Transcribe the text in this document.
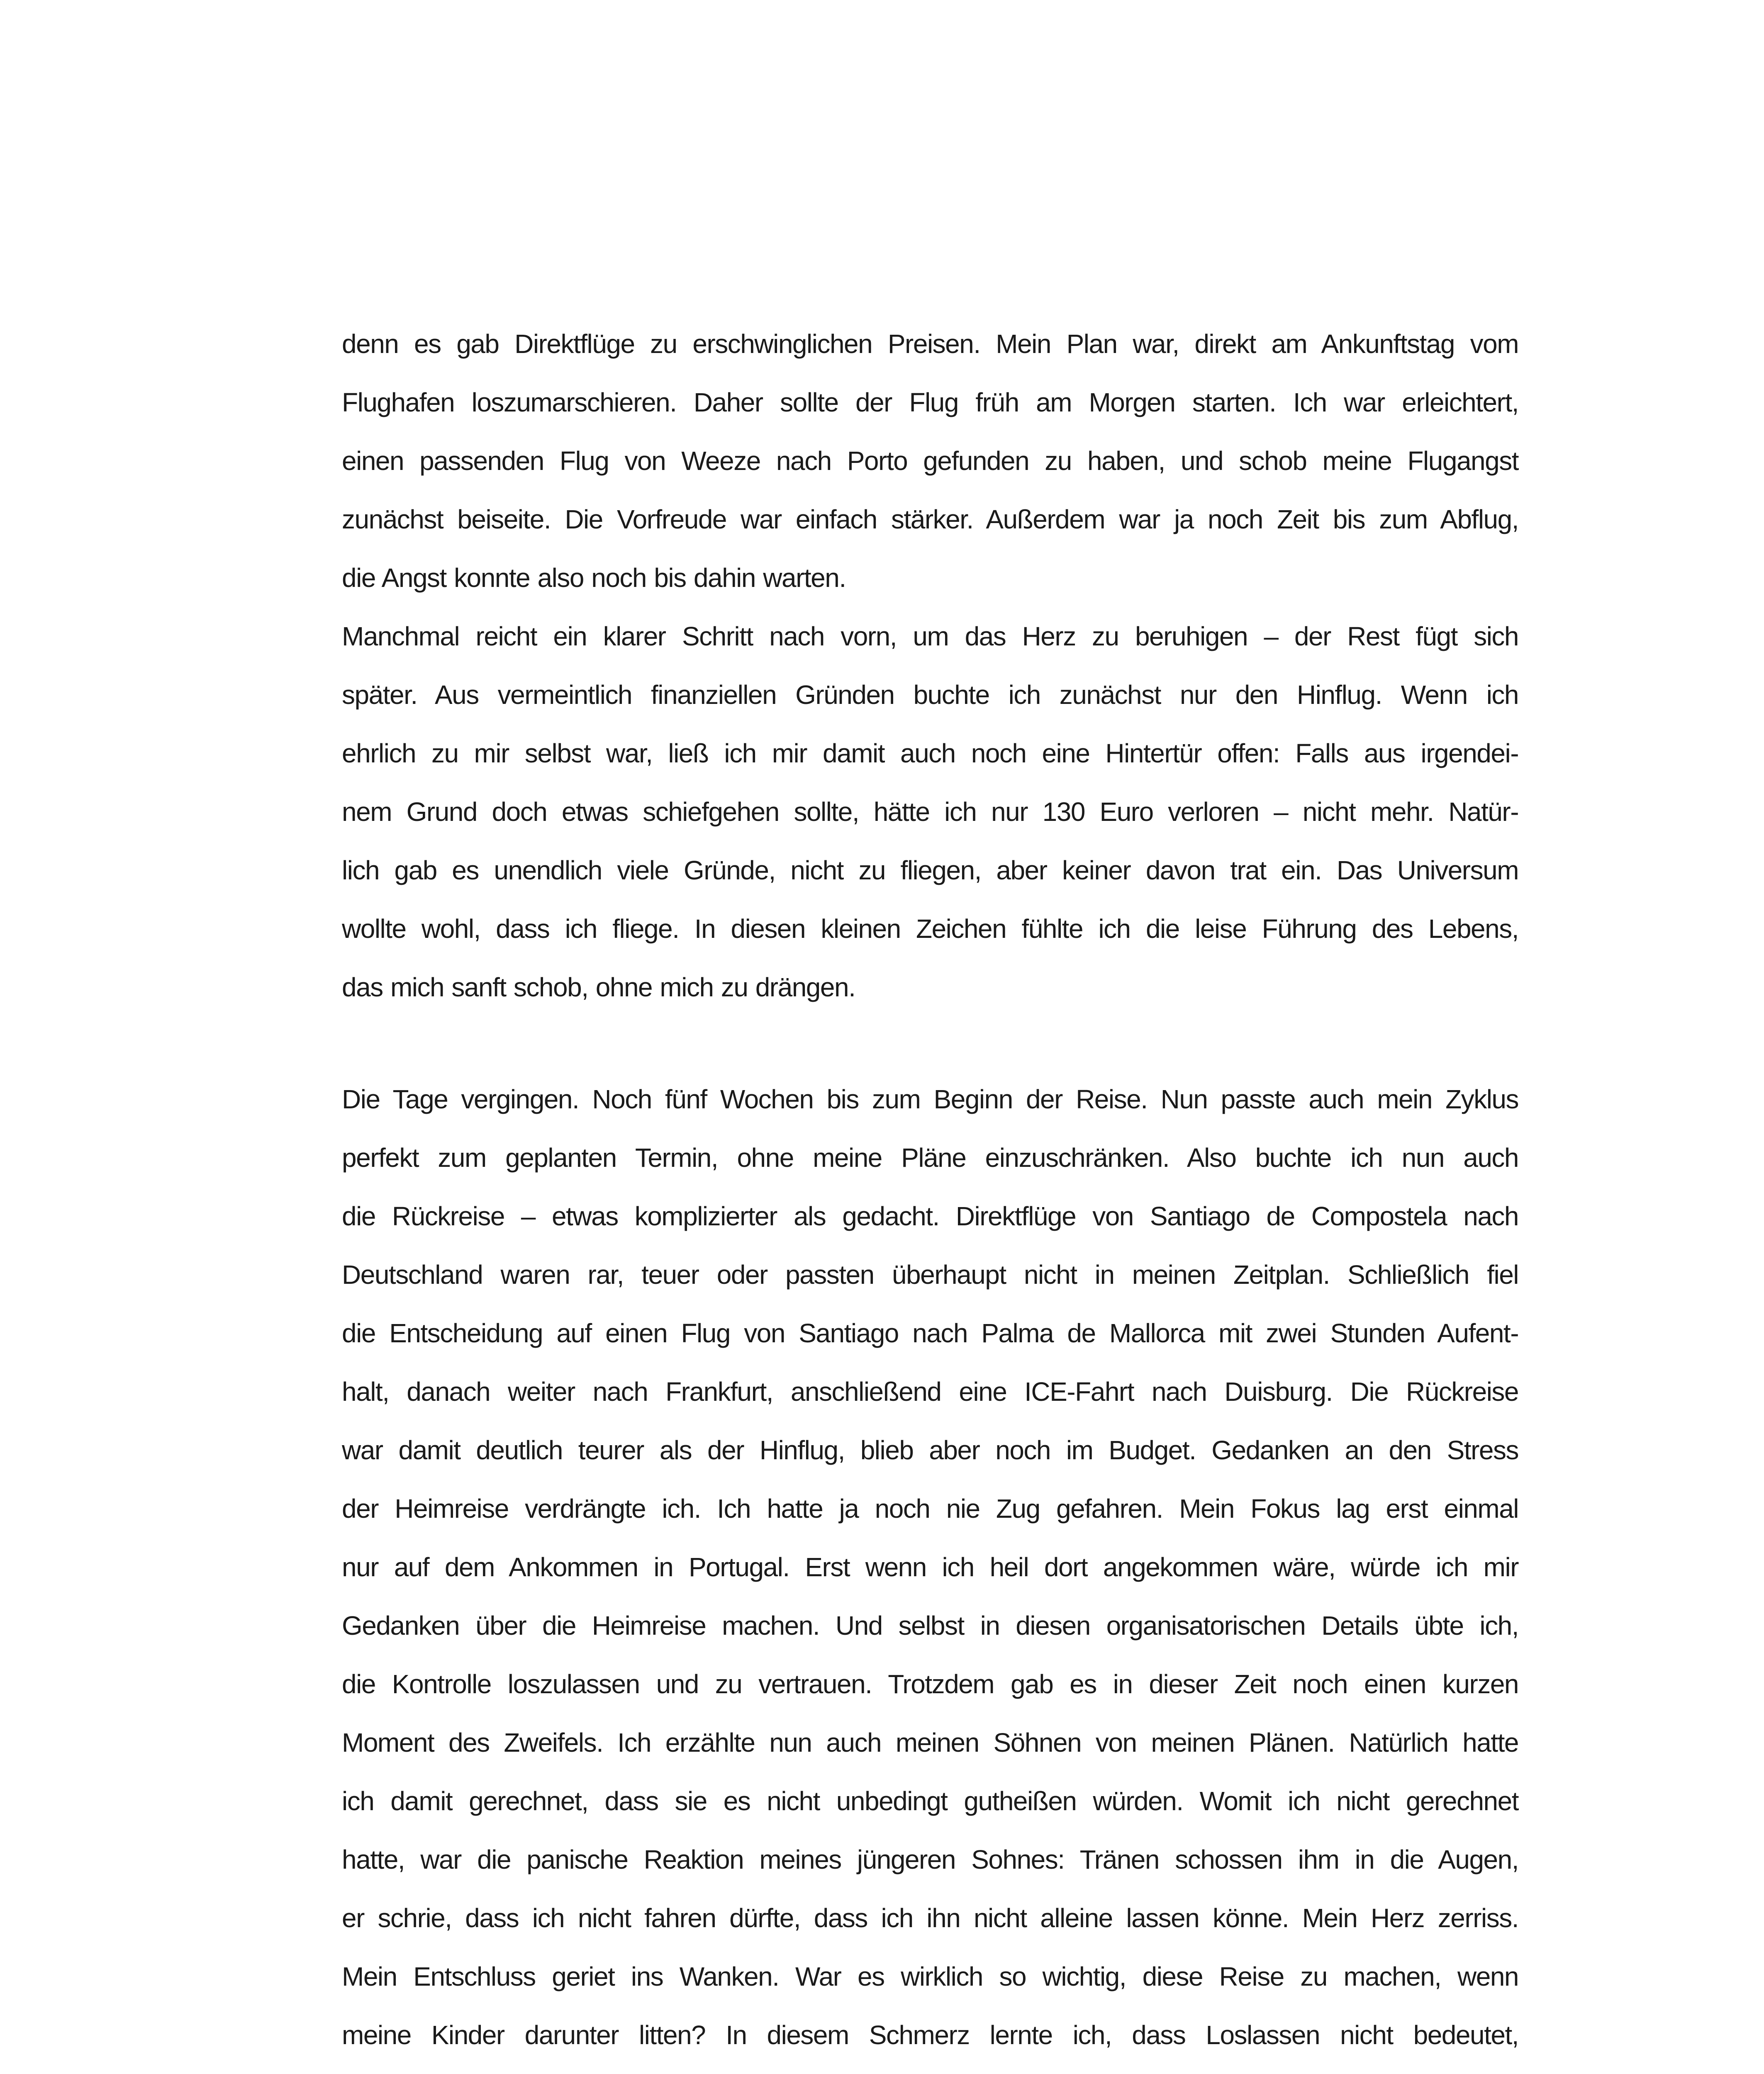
denn es gab Direktflüge zu erschwinglichen Preisen. Mein Plan war, direkt am Ankunftstag vom
Flughafen loszumarschieren. Daher sollte der Flug früh am Morgen starten. Ich war erleichtert,
einen passenden Flug von Weeze nach Porto gefunden zu haben, und schob meine Flugangst
zunächst beiseite. Die Vorfreude war einfach stärker. Außerdem war ja noch Zeit bis zum Abflug,
die Angst konnte also noch bis dahin warten.
Manchmal reicht ein klarer Schritt nach vorn, um das Herz zu beruhigen – der Rest fügt sich
später. Aus vermeintlich finanziellen Gründen buchte ich zunächst nur den Hinflug. Wenn ich
ehrlich zu mir selbst war, ließ ich mir damit auch noch eine Hintertür offen: Falls aus irgendei-
nem Grund doch etwas schiefgehen sollte, hätte ich nur 130 Euro verloren – nicht mehr. Natür-
lich gab es unendlich viele Gründe, nicht zu fliegen, aber keiner davon trat ein. Das Universum
wollte wohl, dass ich fliege. In diesen kleinen Zeichen fühlte ich die leise Führung des Lebens,
das mich sanft schob, ohne mich zu drängen.
Die Tage vergingen. Noch fünf Wochen bis zum Beginn der Reise. Nun passte auch mein Zyklus
perfekt zum geplanten Termin, ohne meine Pläne einzuschränken. Also buchte ich nun auch
die Rückreise – etwas komplizierter als gedacht. Direktflüge von Santiago de Compostela nach
Deutschland waren rar, teuer oder passten überhaupt nicht in meinen Zeitplan. Schließlich fiel
die Entscheidung auf einen Flug von Santiago nach Palma de Mallorca mit zwei Stunden Aufent-
halt, danach weiter nach Frankfurt, anschließend eine ICE-Fahrt nach Duisburg. Die Rückreise
war damit deutlich teurer als der Hinflug, blieb aber noch im Budget. Gedanken an den Stress
der Heimreise verdrängte ich. Ich hatte ja noch nie Zug gefahren. Mein Fokus lag erst einmal
nur auf dem Ankommen in Portugal. Erst wenn ich heil dort angekommen wäre, würde ich mir
Gedanken über die Heimreise machen. Und selbst in diesen organisatorischen Details übte ich,
die Kontrolle loszulassen und zu vertrauen. Trotzdem gab es in dieser Zeit noch einen kurzen
Moment des Zweifels. Ich erzählte nun auch meinen Söhnen von meinen Plänen. Natürlich hatte
ich damit gerechnet, dass sie es nicht unbedingt gutheißen würden. Womit ich nicht gerechnet
hatte, war die panische Reaktion meines jüngeren Sohnes: Tränen schossen ihm in die Augen,
er schrie, dass ich nicht fahren dürfte, dass ich ihn nicht alleine lassen könne. Mein Herz zerriss.
Mein Entschluss geriet ins Wanken. War es wirklich so wichtig, diese Reise zu machen, wenn
meine Kinder darunter litten? In diesem Schmerz lernte ich, dass Loslassen nicht bedeutet,
